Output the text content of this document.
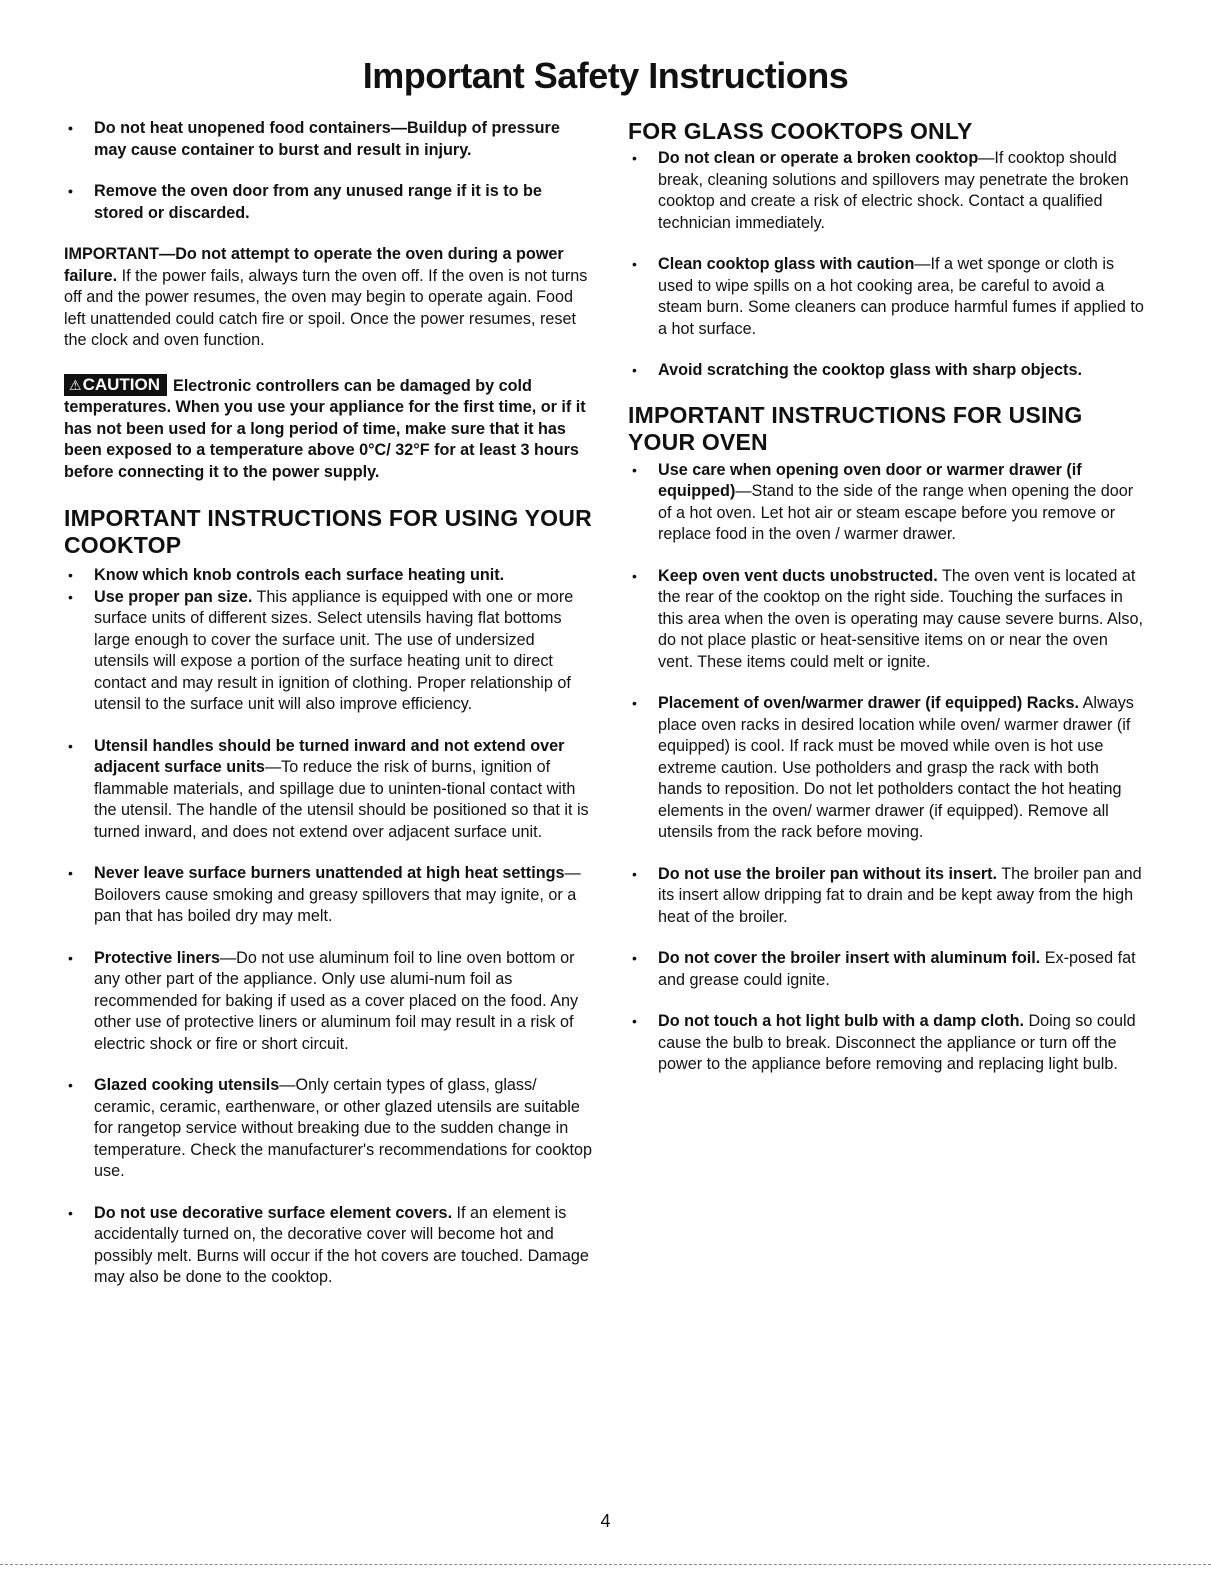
Important Safety Instructions
• Do not heat unopened food containers—Buildup of pressure may cause container to burst and result in injury.
• Remove the oven door from any unused range if it is to be stored or discarded.

IMPORTANT—Do not attempt to operate the oven during a power failure. If the power fails, always turn the oven off. If the oven is not turns off and the power resumes, the oven may begin to operate again. Food left unattended could catch fire or spoil. Once the power resumes, reset the clock and oven function.

⚠CAUTION Electronic controllers can be damaged by cold temperatures. When you use your appliance for the first time, or if it has not been used for a long period of time, make sure that it has been exposed to a temperature above 0°C/ 32°F for at least 3 hours before connecting it to the power supply.

IMPORTANT INSTRUCTIONS FOR USING YOUR COOKTOP
• Know which knob controls each surface heating unit.
• Use proper pan size. This appliance is equipped with one or more surface units of different sizes. Select utensils having flat bottoms large enough to cover the surface unit. The use of undersized utensils will expose a portion of the surface heating unit to direct contact and may result in ignition of clothing. Proper relationship of utensil to the surface unit will also improve efficiency.
• Utensil handles should be turned inward and not extend over adjacent surface units—To reduce the risk of burns, ignition of flammable materials, and spillage due to uninten-tional contact with the utensil. The handle of the utensil should be positioned so that it is turned inward, and does not extend over adjacent surface unit.
• Never leave surface burners unattended at high heat settings—Boilovers cause smoking and greasy spillovers that may ignite, or a pan that has boiled dry may melt.
• Protective liners—Do not use aluminum foil to line oven bottom or any other part of the appliance. Only use alumi-num foil as recommended for baking if used as a cover placed on the food. Any other use of protective liners or aluminum foil may result in a risk of electric shock or fire or short circuit.
• Glazed cooking utensils—Only certain types of glass, glass/ ceramic, ceramic, earthenware, or other glazed utensils are suitable for rangetop service without breaking due to the sudden change in temperature. Check the manufacturer's recommendations for cooktop use.
• Do not use decorative surface element covers. If an element is accidentally turned on, the decorative cover will become hot and possibly melt. Burns will occur if the hot covers are touched. Damage may also be done to the cooktop.
FOR GLASS COOKTOPS ONLY
• Do not clean or operate a broken cooktop—If cooktop should break, cleaning solutions and spillovers may penetrate the broken cooktop and create a risk of electric shock. Contact a qualified technician immediately.
• Clean cooktop glass with caution—If a wet sponge or cloth is used to wipe spills on a hot cooking area, be careful to avoid a steam burn. Some cleaners can produce harmful fumes if applied to a hot surface.
• Avoid scratching the cooktop glass with sharp objects.
IMPORTANT INSTRUCTIONS FOR USING YOUR OVEN
• Use care when opening oven door or warmer drawer (if equipped)—Stand to the side of the range when opening the door of a hot oven. Let hot air or steam escape before you remove or replace food in the oven / warmer drawer.
• Keep oven vent ducts unobstructed. The oven vent is located at the rear of the cooktop on the right side. Touching the surfaces in this area when the oven is operating may cause severe burns. Also, do not place plastic or heat-sensitive items on or near the oven vent. These items could melt or ignite.
• Placement of oven/warmer drawer (if equipped) Racks. Always place oven racks in desired location while oven/ warmer drawer (if equipped) is cool. If rack must be moved while oven is hot use extreme caution. Use potholders and grasp the rack with both hands to reposition. Do not let potholders contact the hot heating elements in the oven/ warmer drawer (if equipped). Remove all utensils from the rack before moving.
• Do not use the broiler pan without its insert. The broiler pan and its insert allow dripping fat to drain and be kept away from the high heat of the broiler.
• Do not cover the broiler insert with aluminum foil. Ex-posed fat and grease could ignite.
• Do not touch a hot light bulb with a damp cloth. Doing so could cause the bulb to break. Disconnect the appliance or turn off the power to the appliance before removing and replacing light bulb.
4
